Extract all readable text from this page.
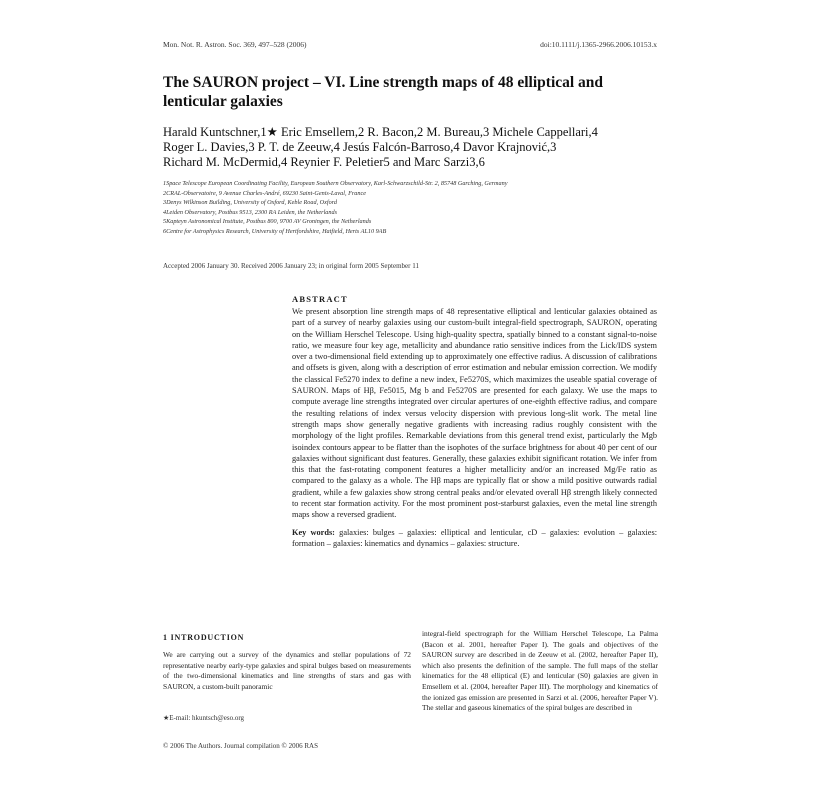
Mon. Not. R. Astron. Soc. 369, 497–528 (2006)	doi:10.1111/j.1365-2966.2006.10153.x
The SAURON project – VI. Line strength maps of 48 elliptical and lenticular galaxies
Harald Kuntschner,1★ Eric Emsellem,2 R. Bacon,2 M. Bureau,3 Michele Cappellari,4
Roger L. Davies,3 P. T. de Zeeuw,4 Jesús Falcón-Barroso,4 Davor Krajnović,3
Richard M. McDermid,4 Reynier F. Peletier5 and Marc Sarzi3,6
1Space Telescope European Coordinating Facility, European Southern Observatory, Karl-Schwarzschild-Str. 2, 85748 Garching, Germany
2CRAL-Observatoire, 9 Avenue Charles-André, 69230 Saint-Genis-Laval, France
3Denys Wilkinson Building, University of Oxford, Keble Road, Oxford
4Leiden Observatory, Postbus 9513, 2300 RA Leiden, the Netherlands
5Kapteyn Astronomical Institute, Postbus 800, 9700 AV Groningen, the Netherlands
6Centre for Astrophysics Research, University of Hertfordshire, Hatfield, Herts AL10 9AB
Accepted 2006 January 30. Received 2006 January 23; in original form 2005 September 11
ABSTRACT
We present absorption line strength maps of 48 representative elliptical and lenticular galaxies obtained as part of a survey of nearby galaxies using our custom-built integral-field spectrograph, SAURON, operating on the William Herschel Telescope. Using high-quality spectra, spatially binned to a constant signal-to-noise ratio, we measure four key age, metallicity and abundance ratio sensitive indices from the Lick/IDS system over a two-dimensional field extending up to approximately one effective radius. A discussion of calibrations and offsets is given, along with a description of error estimation and nebular emission correction. We modify the classical Fe5270 index to define a new index, Fe5270S, which maximizes the useable spatial coverage of SAURON. Maps of Hβ, Fe5015, Mg b and Fe5270S are presented for each galaxy. We use the maps to compute average line strengths integrated over circular apertures of one-eighth effective radius, and compare the resulting relations of index versus velocity dispersion with previous long-slit work. The metal line strength maps show generally negative gradients with increasing radius roughly consistent with the morphology of the light profiles. Remarkable deviations from this general trend exist, particularly the Mgb isoindex contours appear to be flatter than the isophotes of the surface brightness for about 40 per cent of our galaxies without significant dust features. Generally, these galaxies exhibit significant rotation. We infer from this that the fast-rotating component features a higher metallicity and/or an increased Mg/Fe ratio as compared to the galaxy as a whole. The Hβ maps are typically flat or show a mild positive outwards radial gradient, while a few galaxies show strong central peaks and/or elevated overall Hβ strength likely connected to recent star formation activity. For the most prominent post-starburst galaxies, even the metal line strength maps show a reversed gradient.
Key words: galaxies: bulges – galaxies: elliptical and lenticular, cD – galaxies: evolution – galaxies: formation – galaxies: kinematics and dynamics – galaxies: structure.
1 INTRODUCTION
We are carrying out a survey of the dynamics and stellar populations of 72 representative nearby early-type galaxies and spiral bulges based on measurements of the two-dimensional kinematics and line strengths of stars and gas with SAURON, a custom-built panoramic
integral-field spectrograph for the William Herschel Telescope, La Palma (Bacon et al. 2001, hereafter Paper I). The goals and objectives of the SAURON survey are described in de Zeeuw et al. (2002, hereafter Paper II), which also presents the definition of the sample. The full maps of the stellar kinematics for the 48 elliptical (E) and lenticular (S0) galaxies are given in Emsellem et al. (2004, hereafter Paper III). The morphology and kinematics of the ionized gas emission are presented in Sarzi et al. (2006, hereafter Paper V). The stellar and gaseous kinematics of the spiral bulges are described in
★E-mail: hkuntsch@eso.org
© 2006 The Authors. Journal compilation © 2006 RAS
